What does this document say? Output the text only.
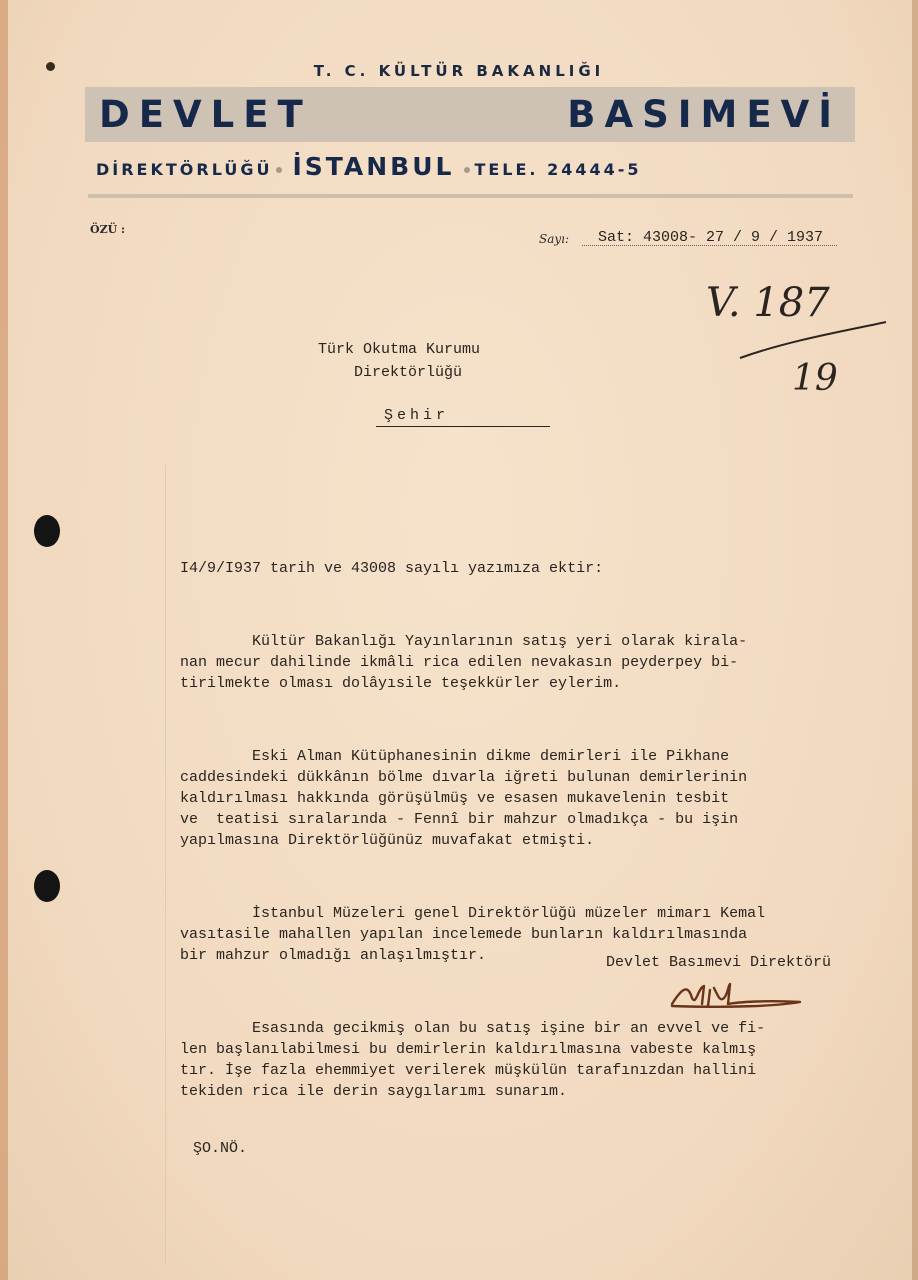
T. C. KÜLTÜR BAKANLIĞI
DEVLET	BASIMEVİ
DİREKTÖRLÜĞÜ İSTANBUL TELE. 24444-5
ÖZÜ :
Sayı: Sat: 43008- 27 / 9 / 1937
V. 187
19
Türk Okutma Kurumu
Direktörlüğü
Şehir

I4/9/I937 tarih ve 43008 sayılı yazımıza ektir:

Kültür Bakanlığı Yayınlarının satış yeri olarak kirala-
nan mecur dahilinde ikmâli rica edilen nevakasın peyderpey bi-
tirilmekte olması dolâyısile teşekkürler eylerim.

Eski Alman Kütüphanesinin dikme demirleri ile Pikhane
caddesindeki dükkânın bölme dıvarla iğreti bulunan demirlerinin
kaldırılması hakkında görüşülmüş ve esasen mukavelenin tesbit
ve  teatisi sıralarında - Fennî bir mahzur olmadıkça - bu işin
yapılmasına Direktörlüğünüz muvafakat etmişti.

İstanbul Müzeleri genel Direktörlüğü müzeler mimarı Kemal
vasıtasile mahallen yapılan incelemede bunların kaldırılmasında
bir mahzur olmadığı anlaşılmıştır.

Esasında gecikmiş olan bu satış işine bir an evvel ve fi-
len başlanılabilmesi bu demirlerin kaldırılmasına vabeste kalmış
tır. İşe fazla ehemmiyet verilerek müşkülün tarafınızdan hallini
tekiden rica ile derin saygılarımı sunarım.

Devlet Basımevi Direktörü
ŞO.NÖ.
